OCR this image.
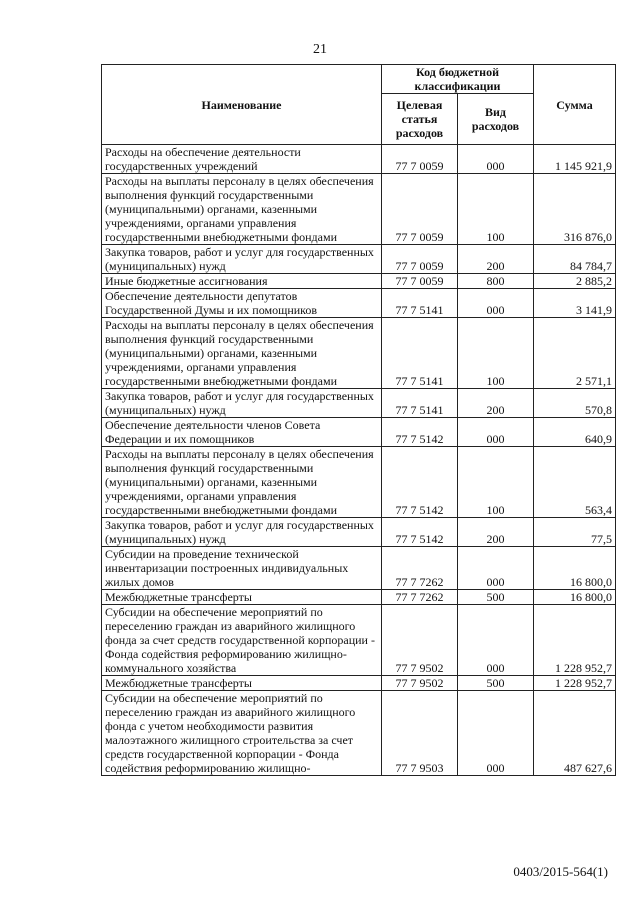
21
Наименование	Код бюджетной классификации		Сумма
	Целевая статья расходов	Вид расходов	
Расходы на обеспечение деятельности государственных учреждений	77 7 0059	000	1 145 921,9
Расходы на выплаты персоналу в целях обеспечения выполнения функций государственными (муниципальными) органами, казенными учреждениями, органами управления государственными внебюджетными фондами	77 7 0059	100	316 876,0
Закупка товаров, работ и услуг для государственных (муниципальных) нужд	77 7 0059	200	84 784,7
Иные бюджетные ассигнования	77 7 0059	800	2 885,2
Обеспечение деятельности депутатов Государственной Думы и их помощников	77 7 5141	000	3 141,9
Расходы на выплаты персоналу в целях обеспечения выполнения функций государственными (муниципальными) органами, казенными учреждениями, органами управления государственными внебюджетными фондами	77 7 5141	100	2 571,1
Закупка товаров, работ и услуг для государственных (муниципальных) нужд	77 7 5141	200	570,8
Обеспечение деятельности членов Совета Федерации и их помощников	77 7 5142	000	640,9
Расходы на выплаты персоналу в целях обеспечения выполнения функций государственными (муниципальными) органами, казенными учреждениями, органами управления государственными внебюджетными фондами	77 7 5142	100	563,4
Закупка товаров, работ и услуг для государственных (муниципальных) нужд	77 7 5142	200	77,5
Субсидии на проведение технической инвентаризации построенных индивидуальных жилых домов	77 7 7262	000	16 800,0
Межбюджетные трансферты	77 7 7262	500	16 800,0
Субсидии на обеспечение мероприятий по переселению граждан из аварийного жилищного фонда за счет средств государственной корпорации - Фонда содействия реформированию жилищно-коммунального хозяйства	77 7 9502	000	1 228 952,7
Межбюджетные трансферты	77 7 9502	500	1 228 952,7
Субсидии на обеспечение мероприятий по переселению граждан из аварийного жилищного фонда с учетом необходимости развития малоэтажного жилищного строительства за счет средств государственной корпорации - Фонда содействия реформированию жилищно-	77 7 9503	000	487 627,6
0403/2015-564(1)
